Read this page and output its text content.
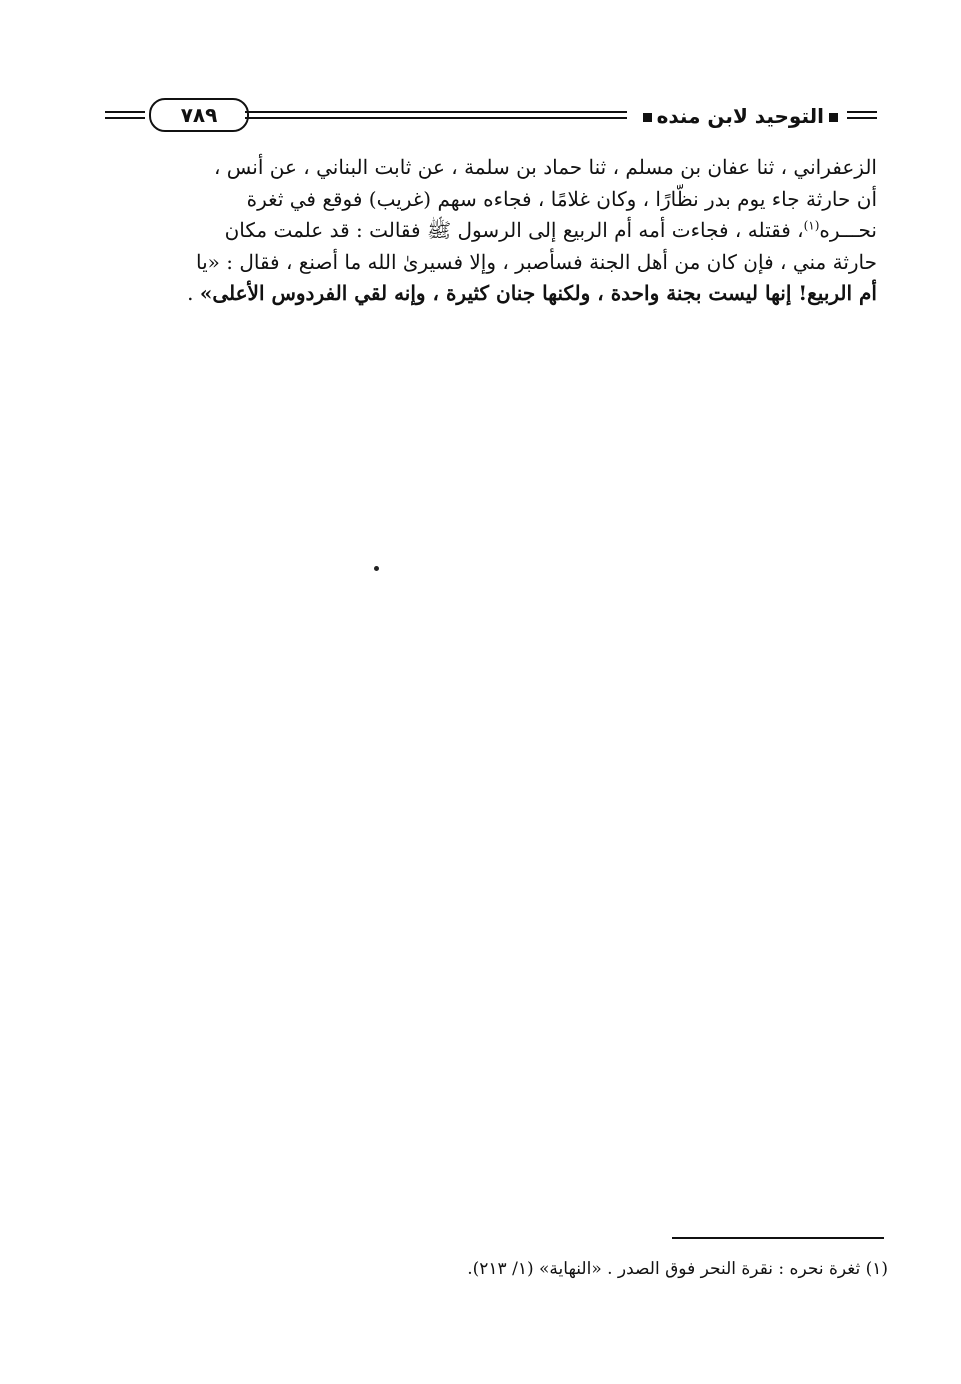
التوحيد لابن منده
٧٨٩
الزعفراني ، ثنا عفان بن مسلم ، ثنا حماد بن سلمة ، عن ثابت البناني ، عن أنس ،
أن حارثة جاء يوم بدر نظّارًا ، وكان غلامًا ، فجاءه سهم (غريب) فوقع في ثغرة
نحـــره$^{(١)}$، فقتله ، فجاءت أمه أم الربيع إلى الرسول ﷺ فقالت : قد علمت مكان
حارثة مني ، فإن كان من أهل الجنة فسأصبر ، وإلا فسيرىٰ الله ما أصنع ، فقال : «يا
أم الربيع! إنها ليست بجنة واحدة ، ولكنها جنان كثيرة ، وإنه لقي الفردوس الأعلى» .
(١) ثغرة نحره : نقرة النحر فوق الصدر . «النهاية» (١/ ٢١٣).
